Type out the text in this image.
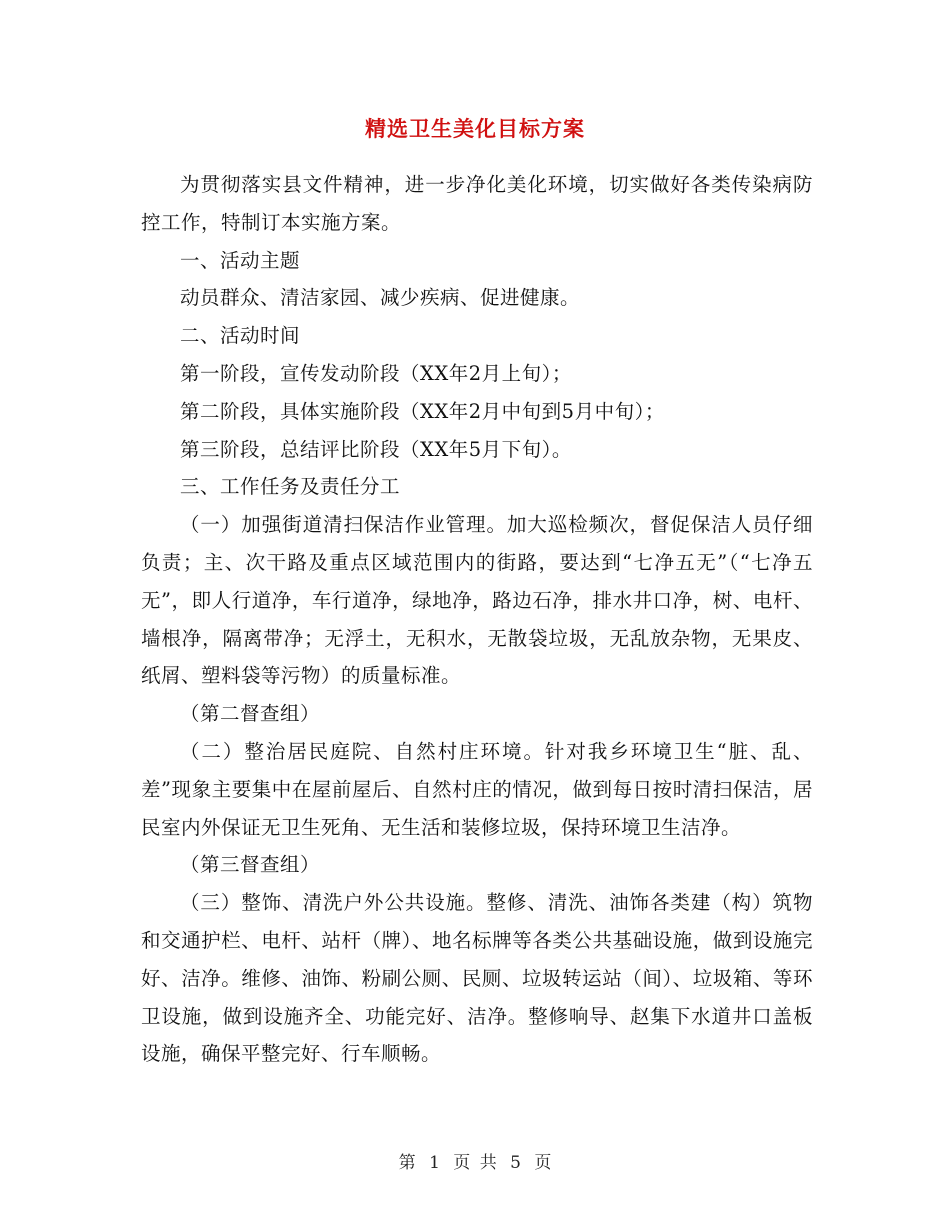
精选卫生美化目标方案

为贯彻落实县文件精神，进一步净化美化环境，切实做好各类传染病防控工作，特制订本实施方案。

一、活动主题

动员群众、清洁家园、减少疾病、促进健康。

二、活动时间

第一阶段，宣传发动阶段（XX年2月上旬）；

第二阶段，具体实施阶段（XX年2月中旬到5月中旬）；

第三阶段，总结评比阶段（XX年5月下旬）。

三、工作任务及责任分工

（一）加强街道清扫保洁作业管理。加大巡检频次，督促保洁人员仔细负责；主、次干路及重点区域范围内的街路，要达到“七净五无”（“七净五无”，即人行道净，车行道净，绿地净，路边石净，排水井口净，树、电杆、墙根净，隔离带净；无浮土，无积水，无散袋垃圾，无乱放杂物，无果皮、纸屑、塑料袋等污物）的质量标准。

（第二督查组）

（二）整治居民庭院、自然村庄环境。针对我乡环境卫生“脏、乱、差”现象主要集中在屋前屋后、自然村庄的情况，做到每日按时清扫保洁，居民室内外保证无卫生死角、无生活和装修垃圾，保持环境卫生洁净。

（第三督查组）

（三）整饰、清洗户外公共设施。整修、清洗、油饰各类建（构）筑物和交通护栏、电杆、站杆（牌）、地名标牌等各类公共基础设施，做到设施完好、洁净。维修、油饰、粉刷公厕、民厕、垃圾转运站（间）、垃圾箱、等环卫设施，做到设施齐全、功能完好、洁净。整修响导、赵集下水道井口盖板设施，确保平整完好、行车顺畅。

第 1 页 共 5 页
